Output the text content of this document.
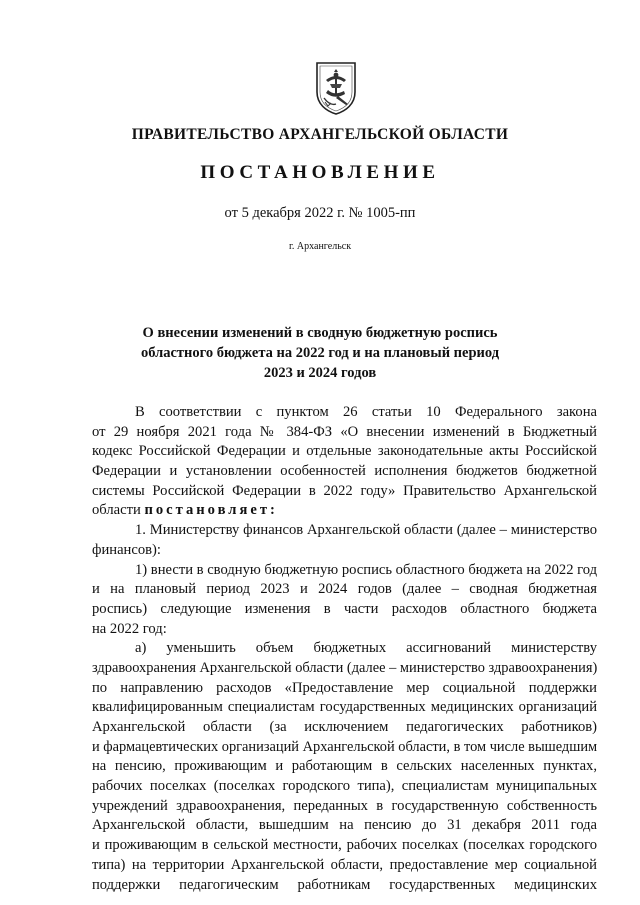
ПРАВИТЕЛЬСТВО АРХАНГЕЛЬСКОЙ ОБЛАСТИ
ПОСТАНОВЛЕНИЕ
от 5 декабря 2022 г. № 1005-пп
г. Архангельск
О внесении изменений в сводную бюджетную роспись
областного бюджета на 2022 год и на плановый период
2023 и 2024 годов
В соответствии с пунктом 26 статьи 10 Федерального закона
от 29 ноября 2021 года № 384-ФЗ «О внесении изменений в Бюджетный
кодекс Российской Федерации и отдельные законодательные акты Российской
Федерации и установлении особенностей исполнения бюджетов бюджетной
системы Российской Федерации в 2022 году» Правительство Архангельской
области постановляет:
1. Министерству финансов Архангельской области (далее – министерство
финансов):
1) внести в сводную бюджетную роспись областного бюджета на 2022 год
и на плановый период 2023 и 2024 годов (далее – сводная бюджетная
роспись) следующие изменения в части расходов областного бюджета
на 2022 год:
а) уменьшить объем бюджетных ассигнований министерству
здравоохранения Архангельской области (далее – министерство здравоохранения)
по направлению расходов «Предоставление мер социальной поддержки
квалифицированным специалистам государственных медицинских организаций
Архангельской области (за исключением педагогических работников)
и фармацевтических организаций Архангельской области, в том числе вышедшим
на пенсию, проживающим и работающим в сельских населенных пунктах,
рабочих поселках (поселках городского типа), специалистам муниципальных
учреждений здравоохранения, переданных в государственную собственность
Архангельской области, вышедшим на пенсию до 31 декабря 2011 года
и проживающим в сельской местности, рабочих поселках (поселках городского
типа) на территории Архангельской области, предоставление мер социальной
поддержки педагогическим работникам государственных медицинских
